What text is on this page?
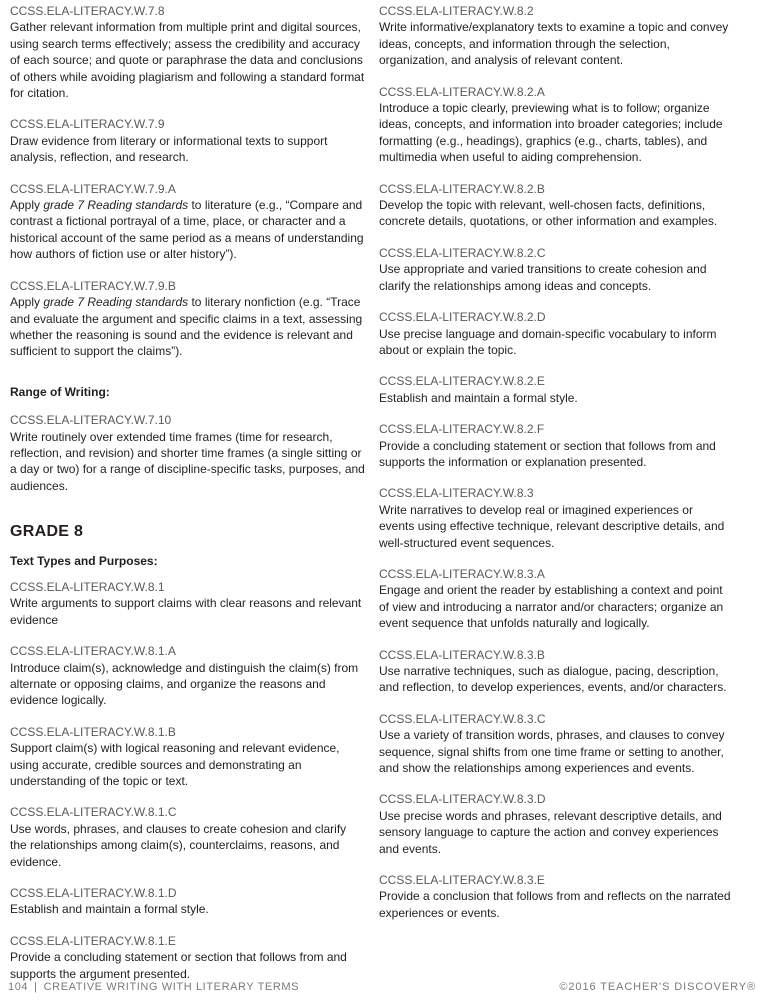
CCSS.ELA-LITERACY.W.7.8
Gather relevant information from multiple print and digital sources, using search terms effectively; assess the credibility and accuracy of each source; and quote or paraphrase the data and conclusions of others while avoiding plagiarism and following a standard format for citation.
CCSS.ELA-LITERACY.W.7.9
Draw evidence from literary or informational texts to support analysis, reflection, and research.
CCSS.ELA-LITERACY.W.7.9.A
Apply grade 7 Reading standards to literature (e.g., “Compare and contrast a fictional portrayal of a time, place, or character and a historical account of the same period as a means of understanding how authors of fiction use or alter history”).
CCSS.ELA-LITERACY.W.7.9.B
Apply grade 7 Reading standards to literary nonfiction (e.g. “Trace and evaluate the argument and specific claims in a text, assessing whether the reasoning is sound and the evidence is relevant and sufficient to support the claims”).
Range of Writing:
CCSS.ELA-LITERACY.W.7.10
Write routinely over extended time frames (time for research, reflection, and revision) and shorter time frames (a single sitting or a day or two) for a range of discipline-specific tasks, purposes, and audiences.
GRADE 8
Text Types and Purposes:
CCSS.ELA-LITERACY.W.8.1
Write arguments to support claims with clear reasons and relevant evidence
CCSS.ELA-LITERACY.W.8.1.A
Introduce claim(s), acknowledge and distinguish the claim(s) from alternate or opposing claims, and organize the reasons and evidence logically.
CCSS.ELA-LITERACY.W.8.1.B
Support claim(s) with logical reasoning and relevant evidence, using accurate, credible sources and demonstrating an understanding of the topic or text.
CCSS.ELA-LITERACY.W.8.1.C
Use words, phrases, and clauses to create cohesion and clarify the relationships among claim(s), counterclaims, reasons, and evidence.
CCSS.ELA-LITERACY.W.8.1.D
Establish and maintain a formal style.
CCSS.ELA-LITERACY.W.8.1.E
Provide a concluding statement or section that follows from and supports the argument presented.
CCSS.ELA-LITERACY.W.8.2
Write informative/explanatory texts to examine a topic and convey ideas, concepts, and information through the selection, organization, and analysis of relevant content.
CCSS.ELA-LITERACY.W.8.2.A
Introduce a topic clearly, previewing what is to follow; organize ideas, concepts, and information into broader categories; include formatting (e.g., headings), graphics (e.g., charts, tables), and multimedia when useful to aiding comprehension.
CCSS.ELA-LITERACY.W.8.2.B
Develop the topic with relevant, well-chosen facts, definitions, concrete details, quotations, or other information and examples.
CCSS.ELA-LITERACY.W.8.2.C
Use appropriate and varied transitions to create cohesion and clarify the relationships among ideas and concepts.
CCSS.ELA-LITERACY.W.8.2.D
Use precise language and domain-specific vocabulary to inform about or explain the topic.
CCSS.ELA-LITERACY.W.8.2.E
Establish and maintain a formal style.
CCSS.ELA-LITERACY.W.8.2.F
Provide a concluding statement or section that follows from and supports the information or explanation presented.
CCSS.ELA-LITERACY.W.8.3
Write narratives to develop real or imagined experiences or events using effective technique, relevant descriptive details, and well-structured event sequences.
CCSS.ELA-LITERACY.W.8.3.A
Engage and orient the reader by establishing a context and point of view and introducing a narrator and/or characters; organize an event sequence that unfolds naturally and logically.
CCSS.ELA-LITERACY.W.8.3.B
Use narrative techniques, such as dialogue, pacing, description, and reflection, to develop experiences, events, and/or characters.
CCSS.ELA-LITERACY.W.8.3.C
Use a variety of transition words, phrases, and clauses to convey sequence, signal shifts from one time frame or setting to another, and show the relationships among experiences and events.
CCSS.ELA-LITERACY.W.8.3.D
Use precise words and phrases, relevant descriptive details, and sensory language to capture the action and convey experiences and events.
CCSS.ELA-LITERACY.W.8.3.E
Provide a conclusion that follows from and reflects on the narrated experiences or events.
104 | CREATIVE WRITING WITH LITERARY TERMS	©2016 TEACHER'S DISCOVERY®
